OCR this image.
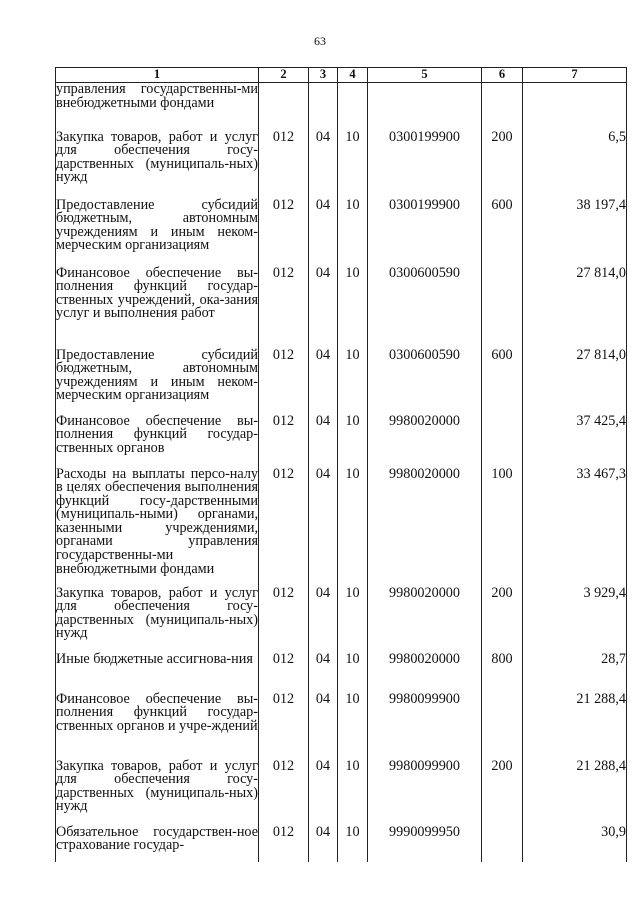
63
1	2	3	4	5	6	7
управления государственны-ми внебюджетными фондами						
Закупка товаров, работ и услуг для обеспечения госу-дарственных (муниципаль-ных) нужд	012	04	10	0300199900	200	6,5
Предоставление субсидий бюджетным, автономным учреждениям и иным неком-мерческим организациям	012	04	10	0300199900	600	38 197,4
Финансовое обеспечение вы-полнения функций государ-ственных учреждений, ока-зания услуг и выполнения работ	012	04	10	0300600590		27 814,0
Предоставление субсидий бюджетным, автономным учреждениям и иным неком-мерческим организациям	012	04	10	0300600590	600	27 814,0
Финансовое обеспечение вы-полнения функций государ-ственных органов	012	04	10	9980020000		37 425,4
Расходы на выплаты персо-налу в целях обеспечения выполнения функций госу-дарственными (муниципаль-ными) органами, казенными учреждениями, органами управления государственны-ми внебюджетными фондами	012	04	10	9980020000	100	33 467,3
Закупка товаров, работ и услуг для обеспечения госу-дарственных (муниципаль-ных) нужд	012	04	10	9980020000	200	3 929,4
Иные бюджетные ассигнова-ния	012	04	10	9980020000	800	28,7
Финансовое обеспечение вы-полнения функций государ-ственных органов и учре-ждений	012	04	10	9980099900		21 288,4
Закупка товаров, работ и услуг для обеспечения госу-дарственных (муниципаль-ных) нужд	012	04	10	9980099900	200	21 288,4
Обязательное государствен-ное страхование государ-	012	04	10	9990099950		30,9
